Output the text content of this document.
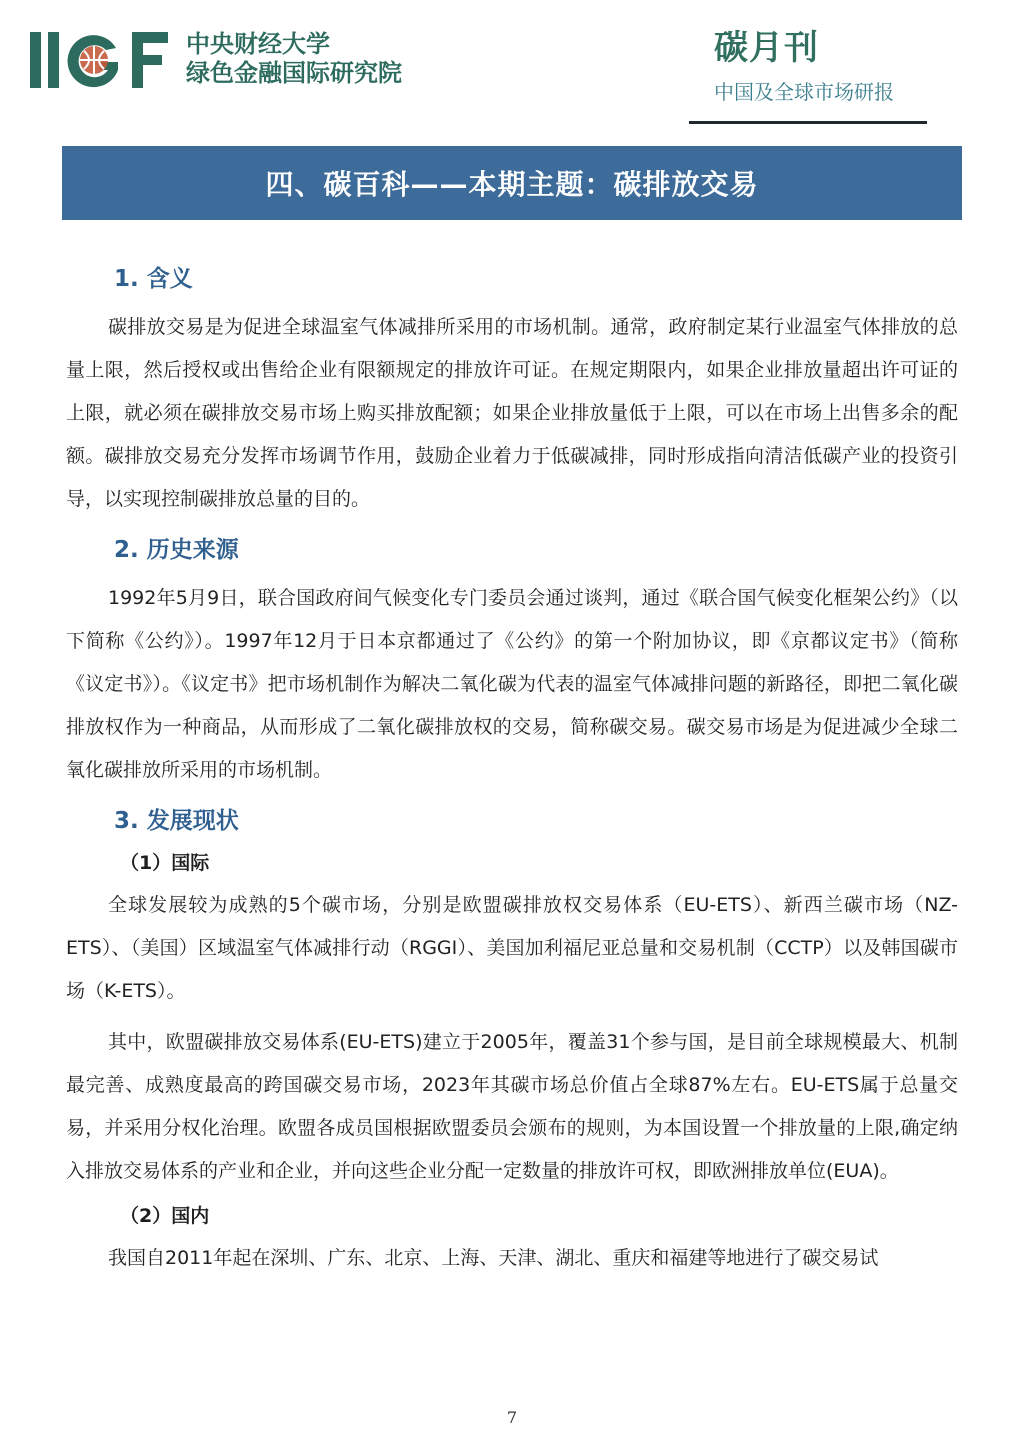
中央财经大学
绿色金融国际研究院
碳月刊
中国及全球市场研报
四、碳百科——本期主题：碳排放交易
1. 含义

碳排放交易是为促进全球温室气体减排所采用的市场机制。通常，政府制定某行业温室气体排放的总量上限，然后授权或出售给企业有限额规定的排放许可证。在规定期限内，如果企业排放量超出许可证的上限，就必须在碳排放交易市场上购买排放配额；如果企业排放量低于上限，可以在市场上出售多余的配额。碳排放交易充分发挥市场调节作用，鼓励企业着力于低碳减排，同时形成指向清洁低碳产业的投资引导，以实现控制碳排放总量的目的。

2. 历史来源

1992年5月9日，联合国政府间气候变化专门委员会通过谈判，通过《联合国气候变化框架公约》（以下简称《公约》）。1997年12月于日本京都通过了《公约》的第一个附加协议，即《京都议定书》（简称《议定书》）。《议定书》把市场机制作为解决二氧化碳为代表的温室气体减排问题的新路径，即把二氧化碳排放权作为一种商品，从而形成了二氧化碳排放权的交易，简称碳交易。碳交易市场是为促进减少全球二氧化碳排放所采用的市场机制。

3. 发展现状
（1）国际

全球发展较为成熟的5个碳市场，分别是欧盟碳排放权交易体系（EU-ETS）、新西兰碳市场（NZ-ETS）、（美国）区域温室气体减排行动（RGGI）、美国加利福尼亚总量和交易机制（CCTP）以及韩国碳市场（K-ETS）。

其中，欧盟碳排放交易体系(EU-ETS)建立于2005年，覆盖31个参与国，是目前全球规模最大、机制最完善、成熟度最高的跨国碳交易市场，2023年其碳市场总价值占全球87%左右。EU-ETS属于总量交易，并采用分权化治理。欧盟各成员国根据欧盟委员会颁布的规则，为本国设置一个排放量的上限,确定纳入排放交易体系的产业和企业，并向这些企业分配一定数量的排放许可权，即欧洲排放单位(EUA)。

（2）国内

我国自2011年起在深圳、广东、北京、上海、天津、湖北、重庆和福建等地进行了碳交易试

7
